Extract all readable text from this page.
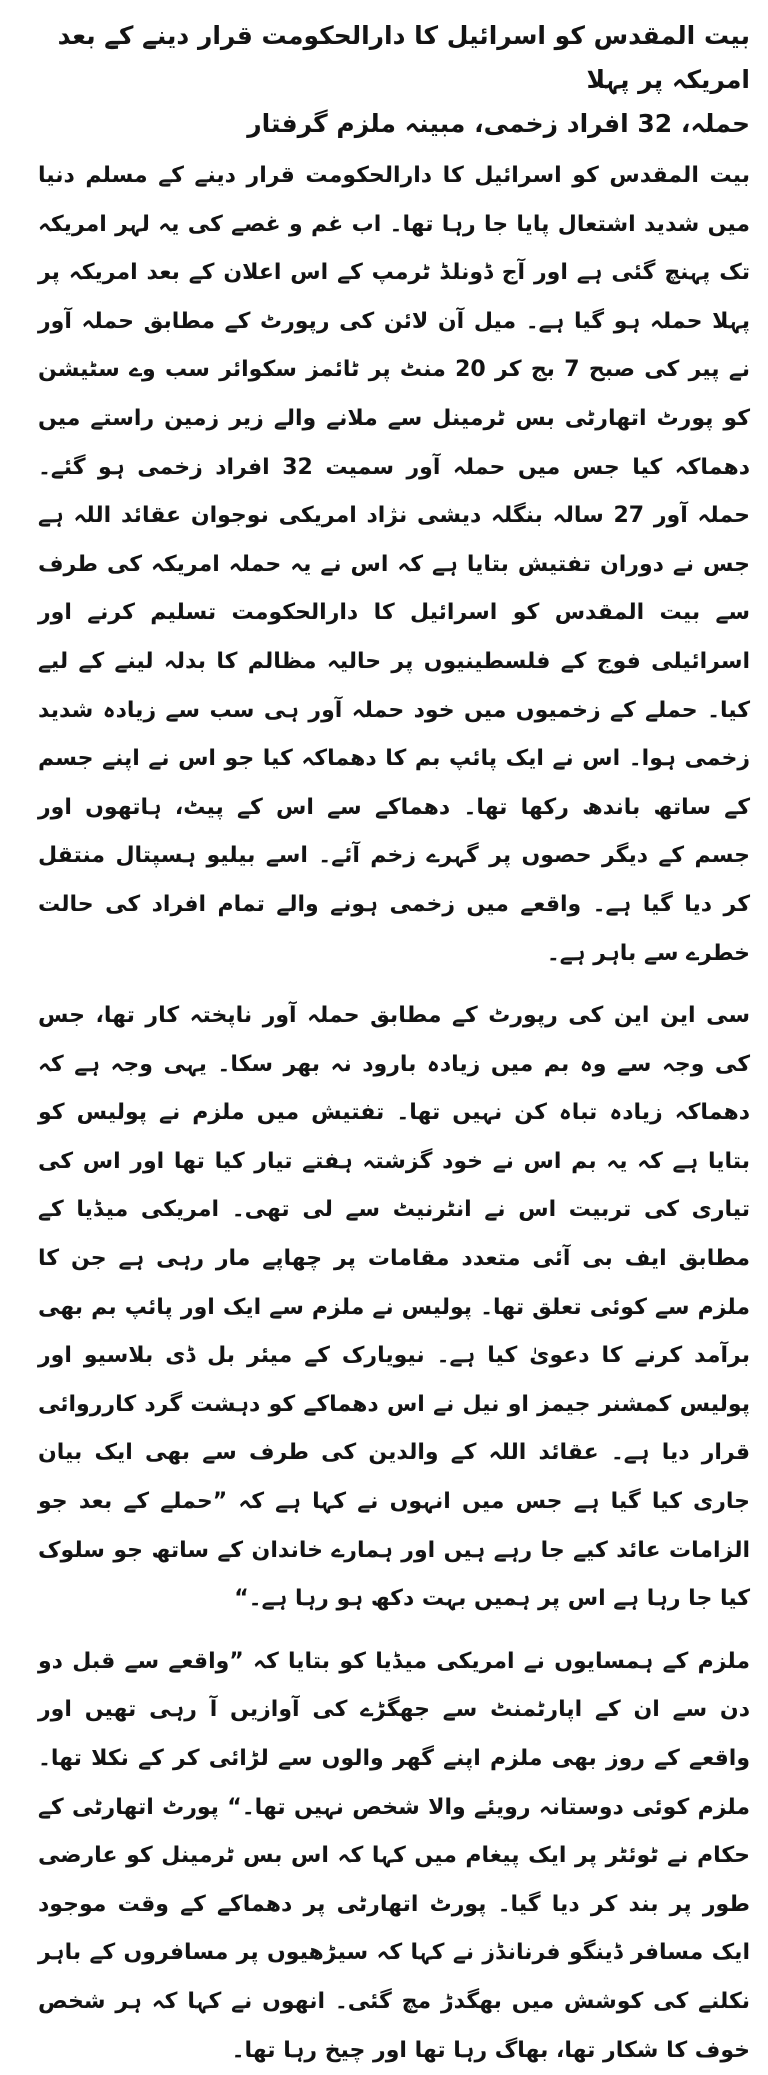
بیت المقدس کو اسرائیل کا دارالحکومت قرار دینے کے بعد امریکہ پر پہلا
حملہ، 32 افراد زخمی، مبینہ ملزم گرفتار

بیت المقدس کو اسرائیل کا دارالحکومت قرار دینے کے مسلم دنیا میں شدید اشتعال پایا جا رہا تھا۔ اب غم و غصے کی یہ لہر امریکہ تک پہنچ گئی ہے اور آج ڈونلڈ ٹرمپ کے اس اعلان کے بعد امریکہ پر پہلا حملہ ہو گیا ہے۔ میل آن لائن کی رپورٹ کے مطابق حملہ آور نے پیر کی صبح 7 بج کر 20 منٹ پر ٹائمز سکوائر سب وے سٹیشن کو پورٹ اتھارٹی بس ٹرمینل سے ملانے والے زیر زمین راستے میں دھماکہ کیا جس میں حملہ آور سمیت 32 افراد زخمی ہو گئے۔ حملہ آور 27 سالہ بنگلہ دیشی نژاد امریکی نوجوان عقائد اللہ ہے جس نے دوران تفتیش بتایا ہے کہ اس نے یہ حملہ امریکہ کی طرف سے بیت المقدس کو اسرائیل کا دارالحکومت تسلیم کرنے اور اسرائیلی فوج کے فلسطینیوں پر حالیہ مظالم کا بدلہ لینے کے لیے کیا۔ حملے کے زخمیوں میں خود حملہ آور ہی سب سے زیادہ شدید زخمی ہوا۔ اس نے ایک پائپ بم کا دھماکہ کیا جو اس نے اپنے جسم کے ساتھ باندھ رکھا تھا۔ دھماکے سے اس کے پیٹ، ہاتھوں اور جسم کے دیگر حصوں پر گہرے زخم آئے۔ اسے بیلیو ہسپتال منتقل کر دیا گیا ہے۔ واقعے میں زخمی ہونے والے تمام افراد کی حالت خطرے سے باہر ہے۔

سی این این کی رپورٹ کے مطابق حملہ آور ناپختہ کار تھا، جس کی وجہ سے وہ بم میں زیادہ بارود نہ بھر سکا۔ یہی وجہ ہے کہ دھماکہ زیادہ تباہ کن نہیں تھا۔ تفتیش میں ملزم نے پولیس کو بتایا ہے کہ یہ بم اس نے خود گزشتہ ہفتے تیار کیا تھا اور اس کی تیاری کی تربیت اس نے انٹرنیٹ سے لی تھی۔ امریکی میڈیا کے مطابق ایف بی آئی متعدد مقامات پر چھاپے مار رہی ہے جن کا ملزم سے کوئی تعلق تھا۔ پولیس نے ملزم سے ایک اور پائپ بم بھی برآمد کرنے کا دعویٰ کیا ہے۔ نیویارک کے میئر بل ڈی بلاسیو اور پولیس کمشنر جیمز او نیل نے اس دھماکے کو دہشت گرد کارروائی قرار دیا ہے۔ عقائد اللہ کے والدین کی طرف سے بھی ایک بیان جاری کیا گیا ہے جس میں انہوں نے کہا ہے کہ ”حملے کے بعد جو الزامات عائد کیے جا رہے ہیں اور ہمارے خاندان کے ساتھ جو سلوک کیا جا رہا ہے اس پر ہمیں بہت دکھ ہو رہا ہے۔“

ملزم کے ہمسایوں نے امریکی میڈیا کو بتایا کہ ”واقعے سے قبل دو دن سے ان کے اپارٹمنٹ سے جھگڑے کی آوازیں آ رہی تھیں اور واقعے کے روز بھی ملزم اپنے گھر والوں سے لڑائی کر کے نکلا تھا۔ ملزم کوئی دوستانہ رویئے والا شخص نہیں تھا۔“ پورٹ اتھارٹی کے حکام نے ٹوئٹر پر ایک پیغام میں کہا کہ اس بس ٹرمینل کو عارضی طور پر بند کر دیا گیا۔ پورٹ اتھارٹی پر دھماکے کے وقت موجود ایک مسافر ڈینگو فرنانڈز نے کہا کہ سیڑھیوں پر مسافروں کے باہر نکلنے کی کوشش میں بھگدڑ مچ گئی۔ انھوں نے کہا کہ ہر شخص خوف کا شکار تھا، بھاگ رہا تھا اور چیخ رہا تھا۔
